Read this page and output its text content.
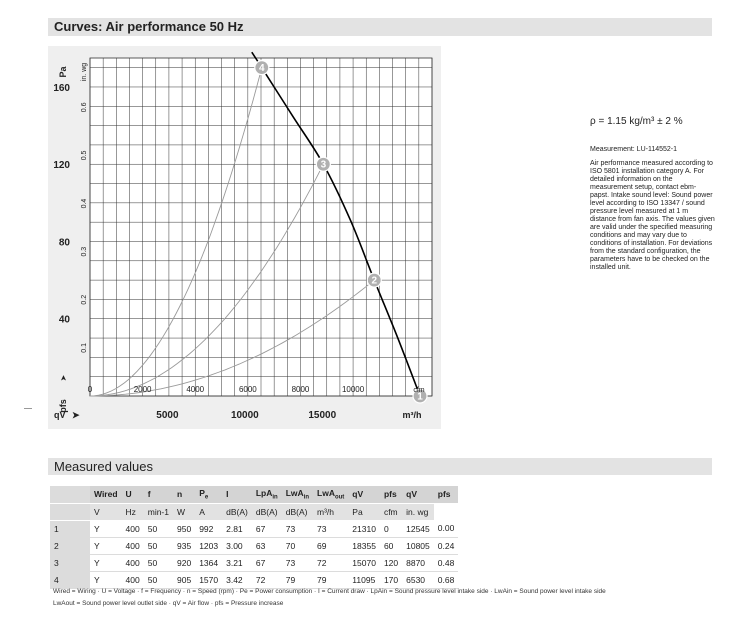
Curves: Air performance 50 Hz
1
2
3
4
0	2000	4000	6000	8000	10000	cfm
5000	10000	15000	m³/h
qV ➤
40
80
120
160
0.1
0.2
0.3
0.4
0.5
0.6
Pa in. wg
pfs
➤
ρ = 1.15 kg/m³ ± 2 %
Measurement: LU-114552-1
Air performance measured according to ISO 5801 installation category A. For detailed information on the measurement setup, contact ebm-papst. Intake sound level: Sound power level according to ISO 13347 / sound pressure level measured at 1 m distance from fan axis. The values given are valid under the specified measuring conditions and may vary due to conditions of installation. For deviations from the standard configuration, the parameters have to be checked on the installed unit.
Measured values
	Wired	U	f	n	$P_e$	I	LpA$_{in}$	LwA$_{in}$	LwA$_{out}$	qV	pfs	qV	pfs
	V	Hz	min-1	W	A	dB(A)	dB(A)	dB(A)	m³/h	Pa	cfm	in. wg	
1	Y	400	50	950	992	2.81	67	73	73	21310	0	12545	0.00
2	Y	400	50	935	1203	3.00	63	70	69	18355	60	10805	0.24
3	Y	400	50	920	1364	3.21	67	73	72	15070	120	8870	0.48
4	Y	400	50	905	1570	3.42	72	79	79	11095	170	6530	0.68
Wired = Wiring · U = Voltage · f = Frequency · n = Speed (rpm) · Pe = Power consumption · I = Current draw · LpAin = Sound pressure level intake side · LwAin = Sound power level intake side
LwAout = Sound power level outlet side · qV = Air flow · pfs = Pressure increase
